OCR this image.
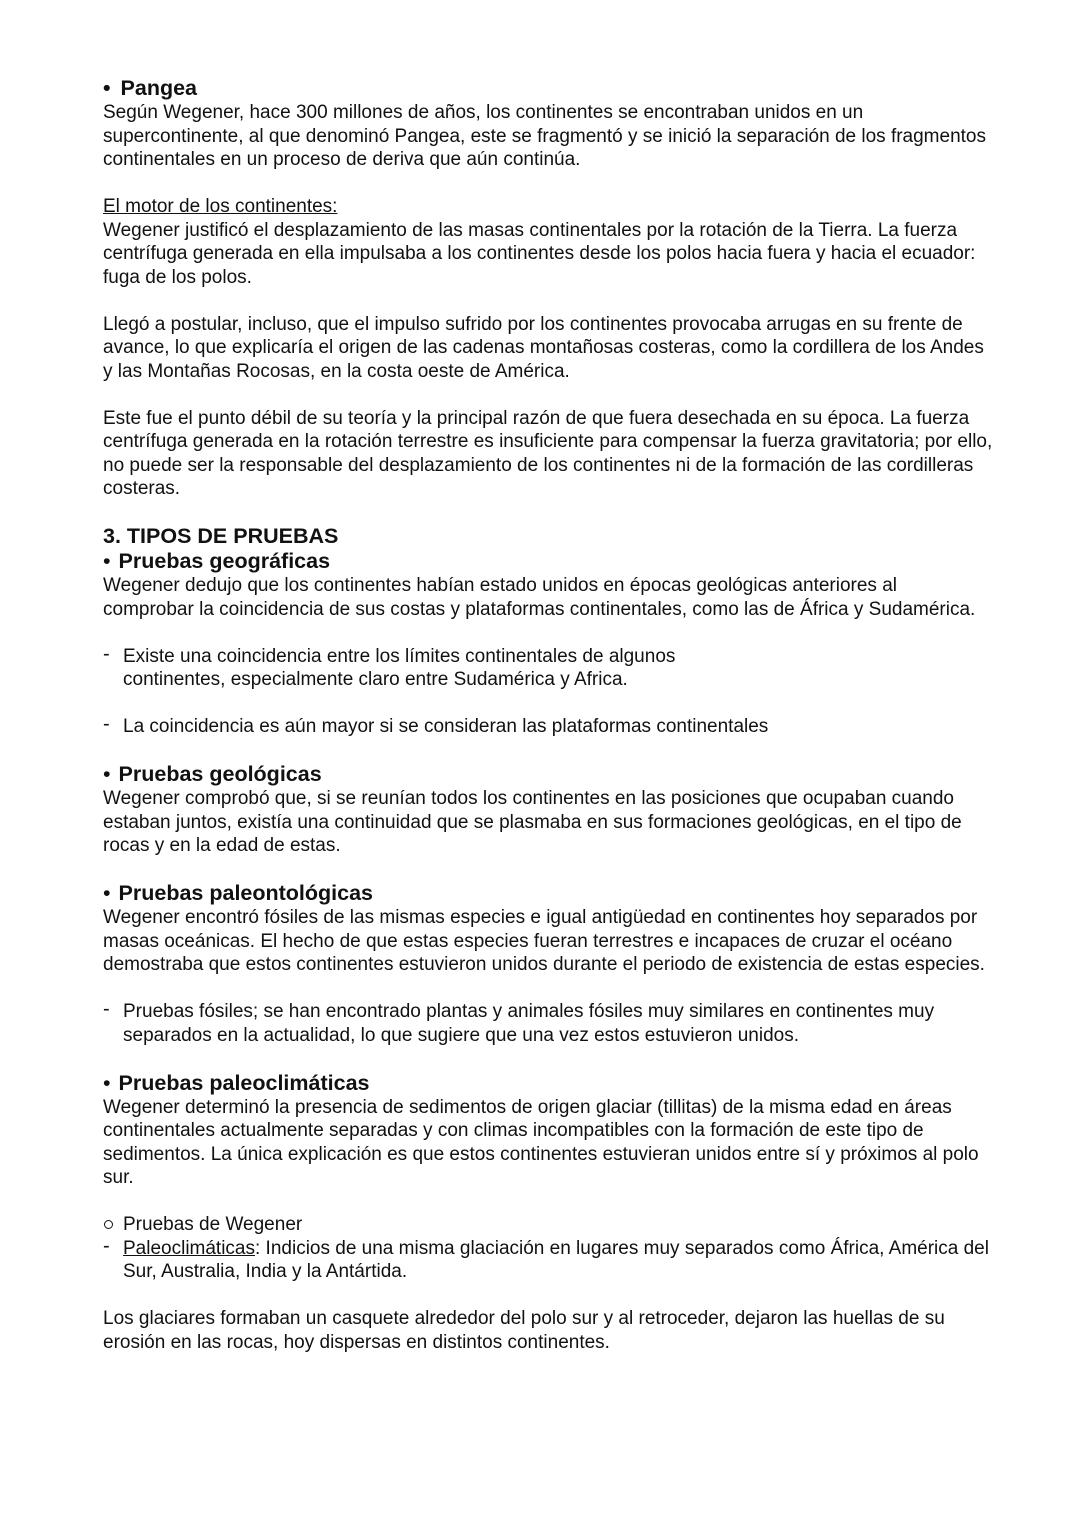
• Pangea

Según Wegener, hace 300 millones de años, los continentes se encontraban unidos en un supercontinente, al que denominó Pangea, este se fragmentó y se inició la separación de los fragmentos continentales en un proceso de deriva que aún continúa.

El motor de los continentes:

Wegener justificó el desplazamiento de las masas continentales por la rotación de la Tierra. La fuerza centrífuga generada en ella impulsaba a los continentes desde los polos hacia fuera y hacia el ecuador: fuga de los polos.

Llegó a postular, incluso, que el impulso sufrido por los continentes provocaba arrugas en su frente de avance, lo que explicaría el origen de las cadenas montañosas costeras, como la cordillera de los Andes y las Montañas Rocosas, en la costa oeste de América.

Este fue el punto débil de su teoría y la principal razón de que fuera desechada en su época. La fuerza centrífuga generada en la rotación terrestre es insuficiente para compensar la fuerza gravitatoria; por ello, no puede ser la responsable del desplazamiento de los continentes ni de la formación de las cordilleras costeras.

3. TIPOS DE PRUEBAS

• Pruebas geográficas

Wegener dedujo que los continentes habían estado unidos en épocas geológicas anteriores al comprobar la coincidencia de sus costas y plataformas continentales, como las de África y Sudamérica.

- Existe una coincidencia entre los límites continentales de algunos

continentes, especialmente claro entre Sudamérica y Africa.

- La coincidencia es aún mayor si se consideran las plataformas continentales

• Pruebas geológicas

Wegener comprobó que, si se reunían todos los continentes en las posiciones que ocupaban cuando estaban juntos, existía una continuidad que se plasmaba en sus formaciones geológicas, en el tipo de rocas y en la edad de estas.

• Pruebas paleontológicas

Wegener encontró fósiles de las mismas especies e igual antigüedad en continentes hoy separados por masas oceánicas. El hecho de que estas especies fueran terrestres e incapaces de cruzar el océano demostraba que estos continentes estuvieron unidos durante el periodo de existencia de estas especies.

- Pruebas fósiles; se han encontrado plantas y animales fósiles muy similares en continentes muy separados en la actualidad, lo que sugiere que una vez estos estuvieron unidos.

• Pruebas paleoclimáticas

Wegener determinó la presencia de sedimentos de origen glaciar (tillitas) de la misma edad en áreas continentales actualmente separadas y con climas incompatibles con la formación de este tipo de sedimentos. La única explicación es que estos continentes estuvieran unidos entre sí y próximos al polo sur.

Pruebas de Wegener

- Paleoclimáticas: Indicios de una misma glaciación en lugares muy separados como África, América del Sur, Australia, India y la Antártida.

Los glaciares formaban un casquete alrededor del polo sur y al retroceder, dejaron las huellas de su erosión en las rocas, hoy dispersas en distintos continentes.
